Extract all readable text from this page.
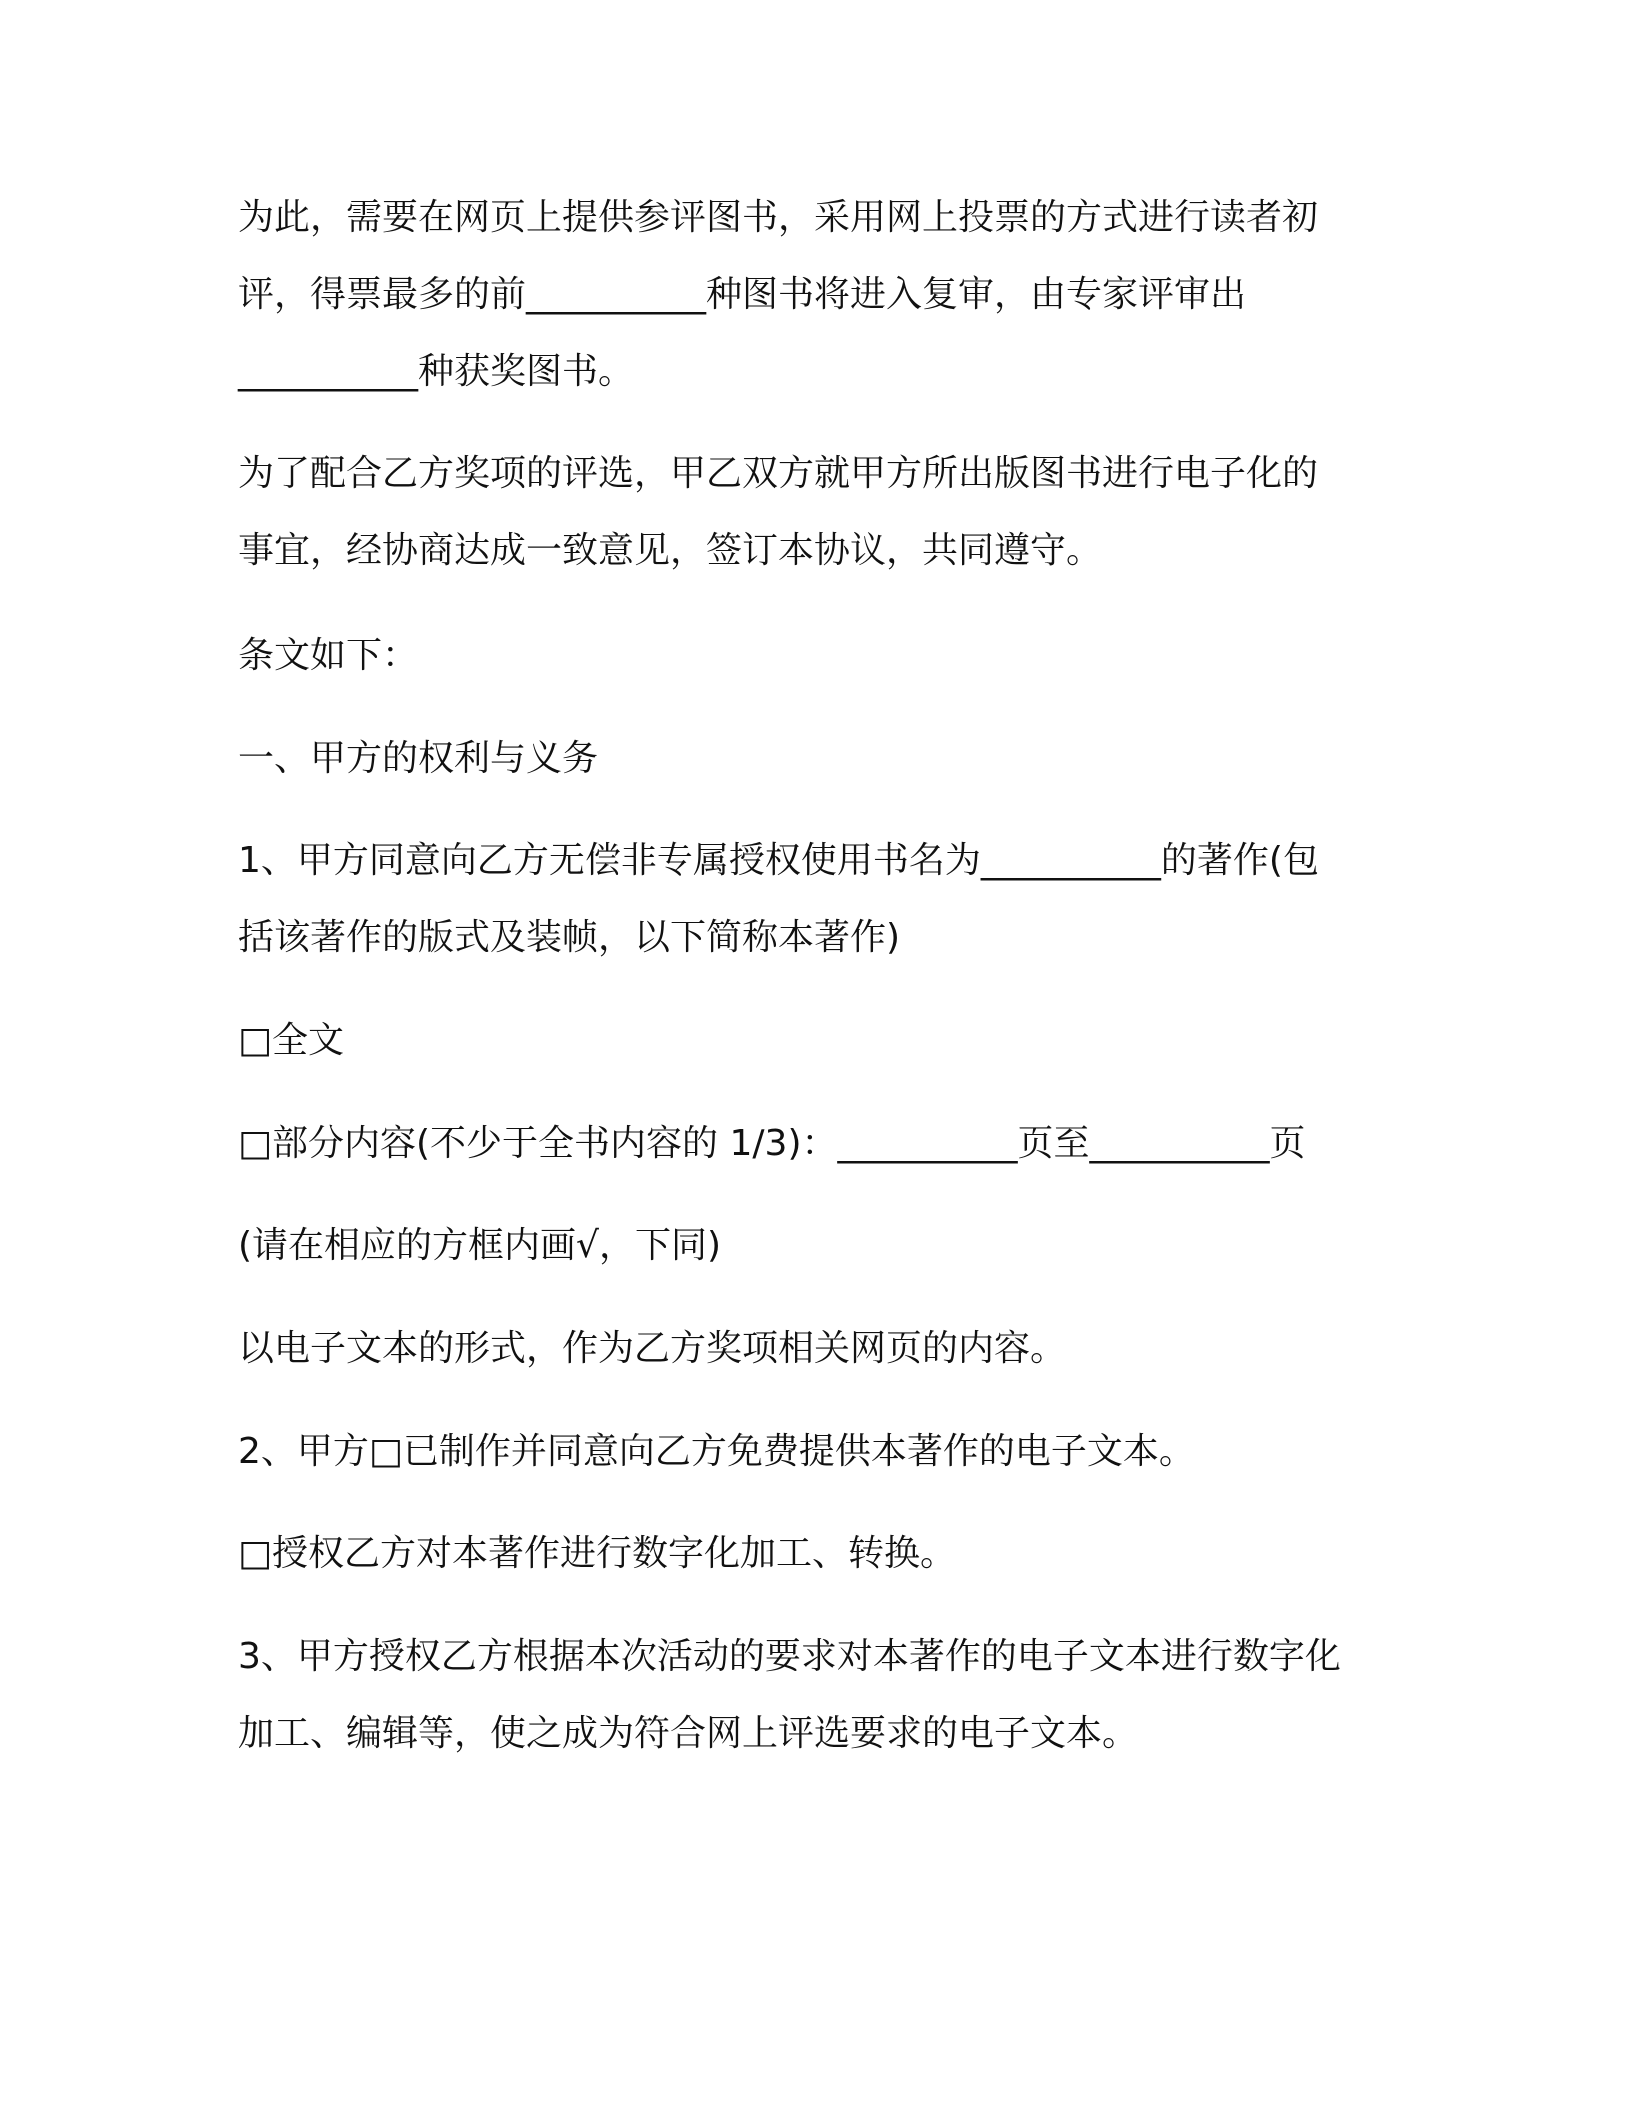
为此，需要在网页上提供参评图书，采用网上投票的方式进行读者初

评，得票最多的前__________种图书将进入复审，由专家评审出

__________种获奖图书。

为了配合乙方奖项的评选，甲乙双方就甲方所出版图书进行电子化的

事宜，经协商达成一致意见，签订本协议，共同遵守。

条文如下：

一、甲方的权利与义务

1、甲方同意向乙方无偿非专属授权使用书名为__________的著作(包

括该著作的版式及装帧，以下简称本著作)

□全文

□部分内容(不少于全书内容的 1/3)：__________页至__________页

(请在相应的方框内画√，下同)

以电子文本的形式，作为乙方奖项相关网页的内容。

2、甲方□已制作并同意向乙方免费提供本著作的电子文本。

□授权乙方对本著作进行数字化加工、转换。

3、甲方授权乙方根据本次活动的要求对本著作的电子文本进行数字化

加工、编辑等，使之成为符合网上评选要求的电子文本。
